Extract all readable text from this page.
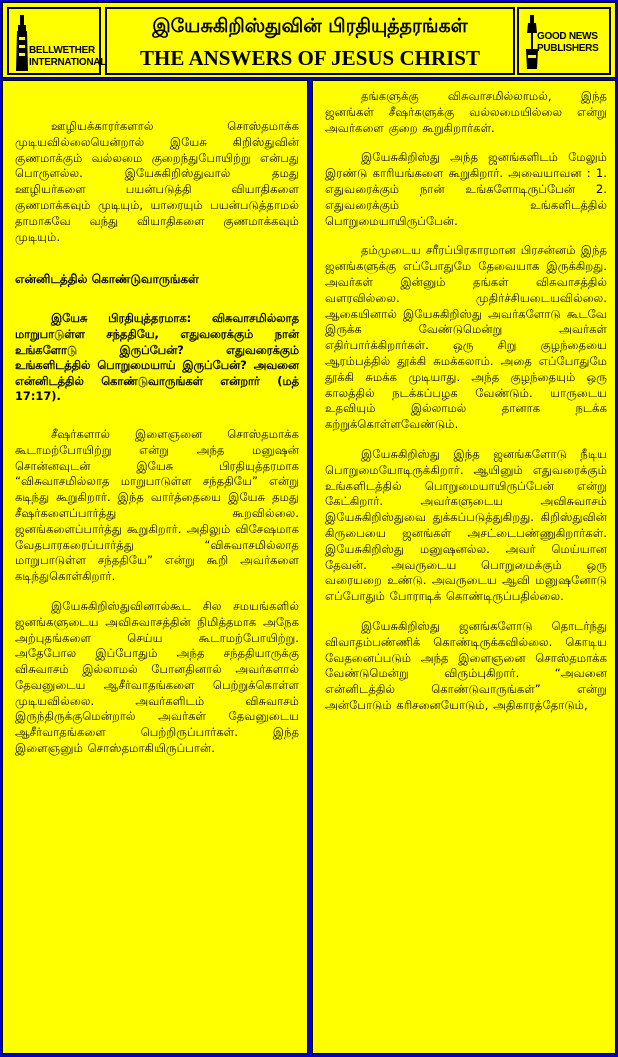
BELLWETHER
INTERNATIONAL
இயேசுகிறிஸ்துவின் பிரதியுத்தரங்கள்
THE ANSWERS OF JESUS CHRIST
GOOD NEWS
PUBLISHERS

ஊழியக்காரர்களால் சொஸ்தமாக்க முடியவில்லையென்றால் இயேசு கிறிஸ்துவின் குணமாக்கும் வல்லமை குறைந்துபோயிற்று என்பது பொருளல்ல. இயேசுகிறிஸ்துவால் தமது ஊழியர்களை பயன்படுத்தி வியாதிகளை குணமாக்கவும் முடியும், யாரையும் பயன்படுத்தாமல் தாமாகவே வந்து வியாதிகளை குணமாக்கவும் முடியும்.

என்னிடத்தில் கொண்டுவாருங்கள்

இயேசு பிரதியுத்தரமாக: விசுவாசமில்லாத மாறுபாடுள்ள சந்ததியே, எதுவரைக்கும் நான் உங்களோடு இருப்பேன்? எதுவரைக்கும் உங்களிடத்தில் பொறுமையாய் இருப்பேன்? அவனை என்னிடத்தில் கொண்டுவாருங்கள் என்றார் (மத் 17:17).

சீஷர்களால் இளைஞனை சொஸ்தமாக்க கூடாமற்போயிற்று என்று அந்த மனுஷன் சொன்னவுடன் இயேசு பிரதியுத்தரமாக “விசுவாசமில்லாத மாறுபாடுள்ள சந்ததியே” என்று கடிந்து கூறுகிறார். இந்த வார்த்தையை இயேசு தமது சீஷர்களைப்பார்த்து கூறவில்லை. ஜனங்களைப்பார்த்து கூறுகிறார். அதிலும் விசேஷமாக வேதபாரகரைப்பார்த்து “விசுவாசமில்லாத மாறுபாடுள்ள சந்ததியே” என்று கூறி அவர்களை கடிந்துகொள்கிறார்.

இயேசுகிறிஸ்துவினால்கூட சில சமயங்களில் ஜனங்களுடைய அவிசுவாசத்தின் நிமித்தமாக அநேக அற்புதங்களை செய்ய கூடாமற்போயிற்று. அதேபோல இப்போதும் அந்த சந்ததியாருக்கு விசுவாசம் இல்லாமல் போனதினால் அவர்களால் தேவனுடைய ஆசீர்வாதங்களை பெற்றுக்கொள்ள முடியவில்லை. அவர்களிடம் விசுவாசம் இருந்திருக்குமென்றால் அவர்கள் தேவனுடைய ஆசீர்வாதங்களை பெற்றிருப்பார்கள். இந்த இளைஞனும் சொஸ்தமாகியிருப்பான்.

தங்களுக்கு விசுவாசமில்லாமல், இந்த ஜனங்கள் சீஷர்களுக்கு வல்லமையில்லை என்று அவர்களை குறை கூறுகிறார்கள்.

இயேசுகிறிஸ்து அந்த ஜனங்களிடம் மேலும் இரண்டு காரியங்களை கூறுகிறார். அவையாவன : 1. எதுவரைக்கும் நான் உங்களோடிருப்பேன் 2. எதுவரைக்கும் உங்களிடத்தில் பொறுமையாயிருப்பேன்.

தம்முடைய சரீரப்பிரகாரமான பிரசன்னம் இந்த ஜனங்களுக்கு எப்போதுமே தேவையாக இருக்கிறது. அவர்கள் இன்னும் தங்கள் விசுவாசத்தில் வளரவில்லை. முதிர்ச்சியடையவில்லை. ஆகையினால் இயேசுகிறிஸ்து அவர்களோடு கூடவே இருக்க வேண்டுமென்று அவர்கள் எதிர்பார்க்கிறார்கள். ஒரு சிறு குழந்தையை ஆரம்பத்தில் தூக்கி சுமக்கலாம். அதை எப்போதுமே தூக்கி சுமக்க முடியாது. அந்த குழந்தையும் ஒரு காலத்தில் நடக்கப்பழக வேண்டும். யாருடைய உதவியும் இல்லாமல் தானாக நடக்க கற்றுக்கொள்ளவேண்டும்.

இயேசுகிறிஸ்து இந்த ஜனங்களோடு நீடிய பொறுமையோடிருக்கிறார். ஆயினும் எதுவரைக்கும் உங்களிடத்தில் பொறுமையாயிருப்பேன் என்று கேட்கிறார். அவர்களுடைய அவிசுவாசம் இயேசுகிறிஸ்துவை துக்கப்படுத்துகிறது. கிறிஸ்துவின் கிருபையை ஜனங்கள் அசட்டைபண்ணுகிறார்கள். இயேசுகிறிஸ்து மனுஷனல்ல. அவர் மெய்யான தேவன். அவருடைய பொறுமைக்கும் ஒரு வரையறை உண்டு. அவருடைய ஆவி மனுஷனோடு எப்போதும் போராடிக் கொண்டிருப்பதில்லை.

இயேசுகிறிஸ்து ஜனங்களோடு தொடர்ந்து விவாதம்பண்ணிக் கொண்டிருக்கவில்லை. கொடிய வேதனைப்படும் அந்த இளைஞனை சொஸ்தமாக்க வேண்டுமென்று விரும்புகிறார். “அவனை என்னிடத்தில் கொண்டுவாருங்கள்” என்று அன்போடும் கரிசனையோடும், அதிகாரத்தோடும்,
